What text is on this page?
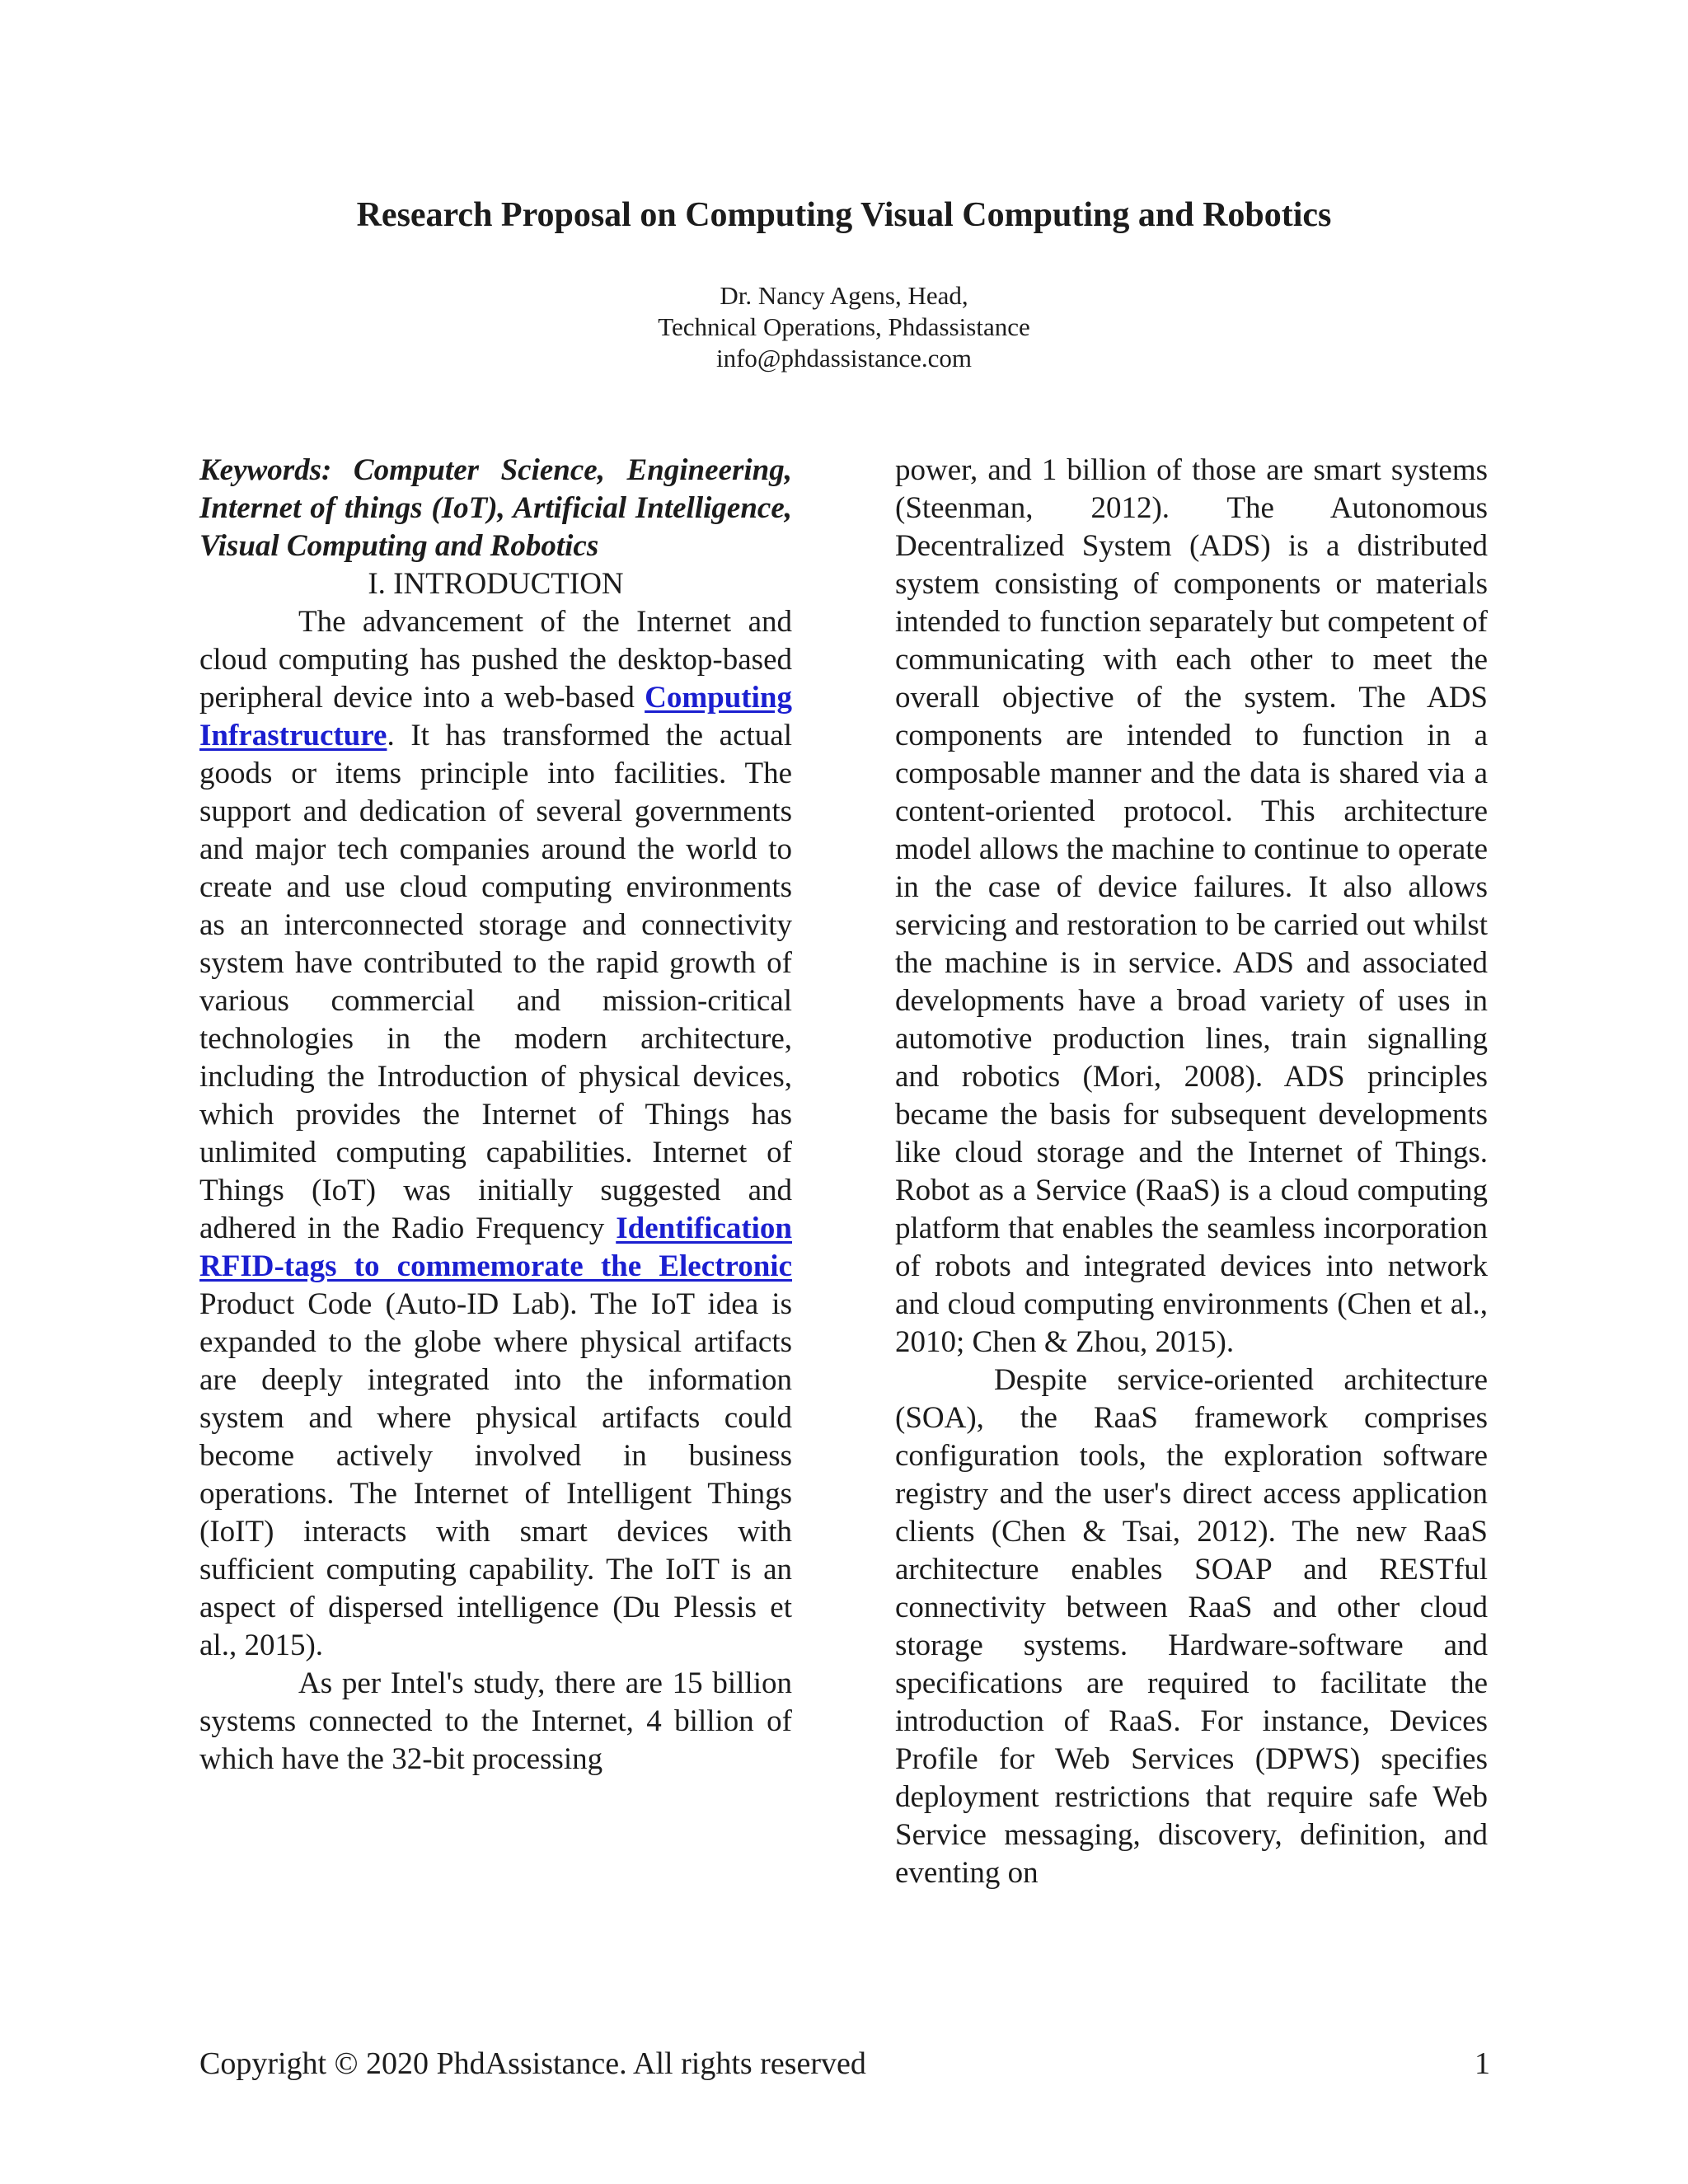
Research Proposal on Computing Visual Computing and Robotics
Dr. Nancy Agens, Head,
Technical Operations, Phdassistance
info@phdassistance.com

Keywords: Computer Science, Engineering, Internet of things (IoT), Artificial Intelligence, Visual Computing and Robotics

I. INTRODUCTION

The advancement of the Internet and cloud computing has pushed the desktop-based peripheral device into a web-based Computing Infrastructure. It has transformed the actual goods or items principle into facilities. The support and dedication of several governments and major tech companies around the world to create and use cloud computing environments as an interconnected storage and connectivity system have contributed to the rapid growth of various commercial and mission-critical technologies in the modern architecture, including the Introduction of physical devices, which provides the Internet of Things has unlimited computing capabilities. Internet of Things (IoT) was initially suggested and adhered in the Radio Frequency Identification RFID-tags to commemorate the Electronic Product Code (Auto-ID Lab). The IoT idea is expanded to the globe where physical artifacts are deeply integrated into the information system and where physical artifacts could become actively involved in business operations. The Internet of Intelligent Things (IoIT) interacts with smart devices with sufficient computing capability. The IoIT is an aspect of dispersed intelligence (Du Plessis et al., 2015).

As per Intel's study, there are 15 billion systems connected to the Internet, 4 billion of which have the 32-bit processing

power, and 1 billion of those are smart systems (Steenman, 2012). The Autonomous Decentralized System (ADS) is a distributed system consisting of components or materials intended to function separately but competent of communicating with each other to meet the overall objective of the system. The ADS components are intended to function in a composable manner and the data is shared via a content-oriented protocol. This architecture model allows the machine to continue to operate in the case of device failures. It also allows servicing and restoration to be carried out whilst the machine is in service. ADS and associated developments have a broad variety of uses in automotive production lines, train signalling and robotics (Mori, 2008). ADS principles became the basis for subsequent developments like cloud storage and the Internet of Things. Robot as a Service (RaaS) is a cloud computing platform that enables the seamless incorporation of robots and integrated devices into network and cloud computing environments (Chen et al., 2010; Chen & Zhou, 2015).

Despite service-oriented architecture (SOA), the RaaS framework comprises configuration tools, the exploration software registry and the user's direct access application clients (Chen & Tsai, 2012). The new RaaS architecture enables SOAP and RESTful connectivity between RaaS and other cloud storage systems. Hardware-software and specifications are required to facilitate the introduction of RaaS. For instance, Devices Profile for Web Services (DPWS) specifies deployment restrictions that require safe Web Service messaging, discovery, definition, and eventing on

Copyright © 2020 PhdAssistance. All rights reserved	1
